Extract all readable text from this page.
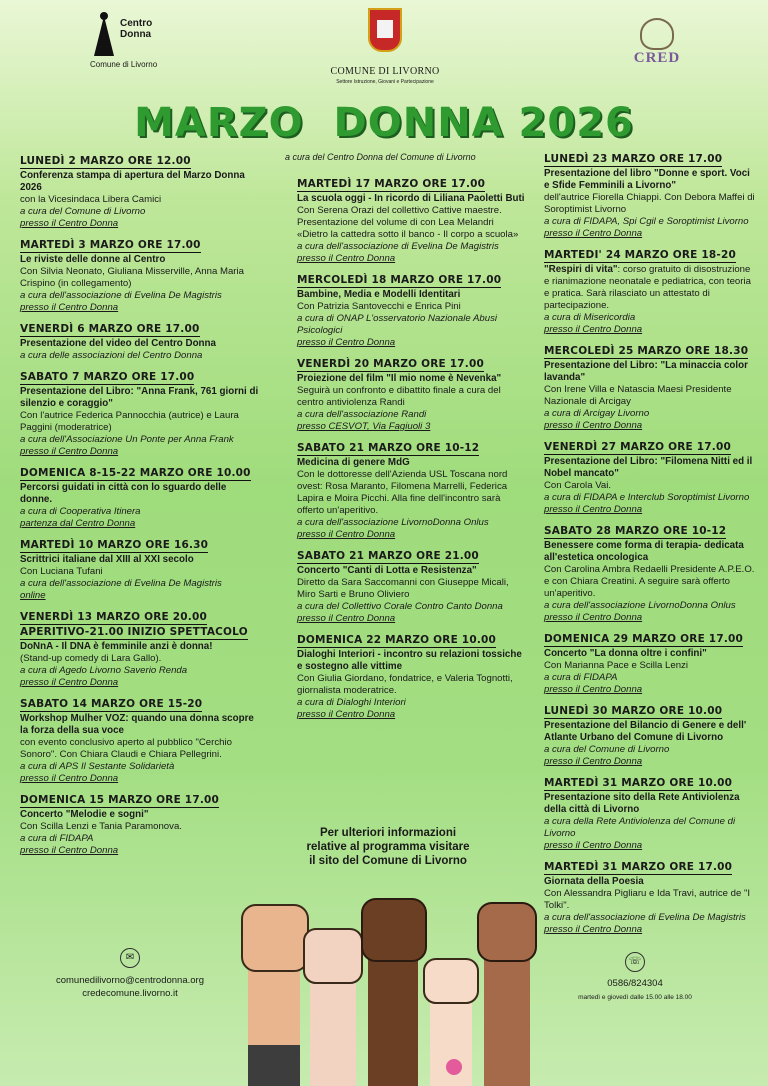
Centro
Donna
Comune di Livorno
COMUNE DI LIVORNO
Settore Istruzione, Giovani e Partecipazione
CRED
MARZO  DONNA 2026
a cura del Centro Donna del Comune di Livorno
LUNEDÌ 2 MARZO ORE 12.00
Conferenza stampa di apertura del Marzo Donna 2026
con la Vicesindaca Libera Camici
a cura del Comune di Livorno
presso il Centro Donna
MARTEDÌ 3 MARZO ORE 17.00
Le riviste delle donne al Centro
Con Silvia Neonato, Giuliana Misserville, Anna Maria Crispino (in collegamento)
a cura dell'associazione di Evelina De Magistris
presso il Centro Donna
VENERDÌ 6 MARZO ORE 17.00
Presentazione del video del Centro Donna
a cura delle associazioni del Centro Donna
SABATO 7 MARZO ORE 17.00
Presentazione del Libro: "Anna Frank, 761 giorni di silenzio e coraggio"
Con l'autrice Federica Pannocchia (autrice) e Laura Paggini (moderatrice)
a cura dell'Associazione Un Ponte per Anna Frank
presso il Centro Donna
DOMENICA 8-15-22 MARZO ORE 10.00
Percorsi guidati in città con lo sguardo delle donne.
a cura di Cooperativa Itinera
partenza dal Centro Donna
MARTEDÌ 10 MARZO ORE 16.30
Scrittrici italiane dal XIII al XXI secolo
Con Luciana Tufani
a cura dell'associazione di Evelina De Magistris
online
VENERDÌ 13 MARZO ORE 20.00
APERITIVO-21.00 INIZIO SPETTACOLO
DoNnA - Il DNA è femminile anzi è donna!
(Stand-up comedy di Lara Gallo).
a cura di Agedo Livorno Saverio Renda
presso il Centro Donna
SABATO 14 MARZO ORE 15-20
Workshop Mulher VOZ: quando una donna scopre la forza della sua voce
con evento conclusivo aperto al pubblico "Cerchio Sonoro". Con Chiara Claudi e Chiara Pellegrini.
a cura di APS Il Sestante Solidarietà
presso il Centro Donna
DOMENICA 15 MARZO ORE 17.00
Concerto "Melodie e sogni"
Con Scilla Lenzi e Tania Paramonova.
a cura di FIDAPA
presso il Centro Donna
MARTEDÌ 17 MARZO ORE 17.00
La scuola oggi - In ricordo di Liliana Paoletti Buti
Con Serena Orazi del collettivo Cattive maestre. Presentazione del volume di con Lea Melandri «Dietro la cattedra sotto il banco - Il corpo a scuola»
a cura dell'associazione di Evelina De Magistris
presso il Centro Donna
MERCOLEDÌ 18 MARZO ORE 17.00
Bambine, Media e Modelli Identitari
Con Patrizia Santovecchi e Enrica Pini
a cura di ONAP L'osservatorio Nazionale Abusi Psicologici
presso il Centro Donna
VENERDÌ 20 MARZO ORE 17.00
Proiezione del film "Il mio nome è Nevenka"
Seguirà un confronto e dibattito finale a cura del centro antiviolenza Randi
a cura dell'associazione Randi
presso CESVOT, Via Fagiuoli 3
SABATO 21 MARZO ORE 10-12
Medicina di genere MdG
Con le dottoresse dell'Azienda USL Toscana nord ovest: Rosa Maranto, Filomena Marrelli, Federica Lapira e Moira Picchi. Alla fine dell'incontro sarà offerto un'aperitivo.
a cura dell'associazione LivornoDonna Onlus
presso il Centro Donna
SABATO 21 MARZO ORE 21.00
Concerto "Canti di Lotta e Resistenza"
Diretto da Sara Saccomanni con Giuseppe Micali, Miro Sarti e Bruno Oliviero
a cura del Collettivo Corale Contro Canto Donna
presso il Centro Donna
DOMENICA 22 MARZO ORE 10.00
Dialoghi Interiori - incontro su relazioni tossiche e sostegno alle vittime
Con Giulia Giordano, fondatrice, e Valeria Tognotti, giornalista moderatrice.
a cura di Dialoghi Interiori
presso il Centro Donna
LUNEDÌ 23 MARZO ORE 17.00
Presentazione del libro "Donne e sport. Voci e Sfide Femminili a Livorno"
dell'autrice Fiorella Chiappi. Con Debora Maffei di Soroptimist Livorno
a cura di FIDAPA, Spi Cgil e Soroptimist Livorno
presso il Centro Donna
MARTEDI' 24 MARZO ORE 18-20
"Respiri di vita": corso gratuito di disostruzione e rianimazione neonatale e pediatrica, con teoria e pratica. Sarà rilasciato un attestato di partecipazione.
a cura di Misericordia
presso il Centro Donna
MERCOLEDÌ 25 MARZO ORE 18.30
Presentazione del Libro: "La minaccia color lavanda"
Con Irene Villa e Natascia Maesi Presidente Nazionale di Arcigay
a cura di Arcigay Livorno
presso il Centro Donna
VENERDÌ 27 MARZO ORE 17.00
Presentazione del Libro: "Filomena Nitti ed il Nobel mancato"
Con Carola Vai.
a cura di FIDAPA e Interclub Soroptimist Livorno
presso il Centro Donna
SABATO 28 MARZO ORE 10-12
Benessere come forma di terapia- dedicata all'estetica oncologica
Con Carolina Ambra Redaelli Presidente A.P.E.O. e con Chiara Creatini. A seguire sarà offerto un'aperitivo.
a cura dell'associazione LivornoDonna Onlus
presso il Centro Donna
DOMENICA 29 MARZO ORE 17.00
Concerto "La donna oltre i confini"
Con Marianna Pace e Scilla Lenzi
a cura di FIDAPA
presso il Centro Donna
LUNEDÌ 30 MARZO ORE 10.00
Presentazione del Bilancio di Genere e dell' Atlante Urbano del Comune di Livorno
a cura del Comune di Livorno
presso il Centro Donna
MARTEDÌ 31 MARZO ORE 10.00
Presentazione sito della Rete Antiviolenza della città di Livorno
a cura della Rete Antiviolenza del Comune di Livorno
presso il Centro Donna
MARTEDÌ 31 MARZO ORE 17.00
Giornata della Poesia
Con Alessandra Pigliaru e Ida Travi, autrice de "I Tolki".
a cura dell'associazione di Evelina De Magistris
presso il Centro Donna
Per ulteriori informazioni relative al programma visitare il sito del Comune di Livorno
✉
comunedilivorno@centrodonna.org
credecomune.livorno.it
☏
0586/824304
martedì e giovedì dalle 15.00 alle 18.00
